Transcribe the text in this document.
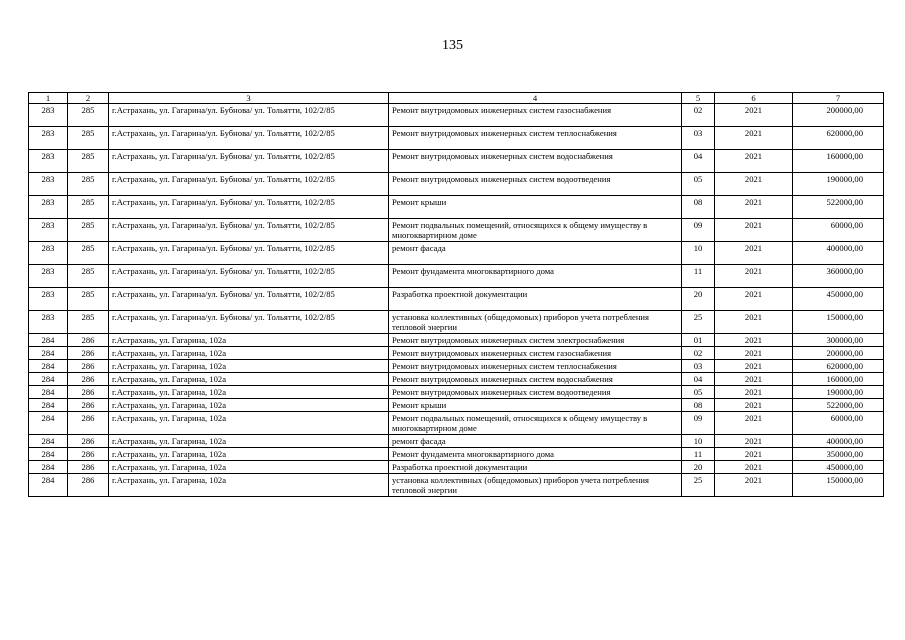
135
1	2	3	4	5	6	7
283	285	г.Астрахань, ул. Гагарина/ул. Бубнова/ ул. Тольятти, 102/2/85	Ремонт внутридомовых инженерных систем газоснабжения	02	2021	200000,00
283	285	г.Астрахань, ул. Гагарина/ул. Бубнова/ ул. Тольятти, 102/2/85	Ремонт внутридомовых инженерных систем теплоснабжения	03	2021	620000,00
283	285	г.Астрахань, ул. Гагарина/ул. Бубнова/ ул. Тольятти, 102/2/85	Ремонт внутридомовых инженерных систем водоснабжения	04	2021	160000,00
283	285	г.Астрахань, ул. Гагарина/ул. Бубнова/ ул. Тольятти, 102/2/85	Ремонт внутридомовых инженерных систем водоотведения	05	2021	190000,00
283	285	г.Астрахань, ул. Гагарина/ул. Бубнова/ ул. Тольятти, 102/2/85	Ремонт крыши	08	2021	522000,00
283	285	г.Астрахань, ул. Гагарина/ул. Бубнова/ ул. Тольятти, 102/2/85	Ремонт подвальных помещений, относящихся к общему имуществу в многоквартирном доме	09	2021	60000,00
283	285	г.Астрахань, ул. Гагарина/ул. Бубнова/ ул. Тольятти, 102/2/85	ремонт фасада	10	2021	400000,00
283	285	г.Астрахань, ул. Гагарина/ул. Бубнова/ ул. Тольятти, 102/2/85	Ремонт фундамента многоквартирного дома	11	2021	360000,00
283	285	г.Астрахань, ул. Гагарина/ул. Бубнова/ ул. Тольятти, 102/2/85	Разработка проектной документации	20	2021	450000,00
283	285	г.Астрахань, ул. Гагарина/ул. Бубнова/ ул. Тольятти, 102/2/85	установка коллективных (общедомовых) приборов учета потребления тепловой энергии	25	2021	150000,00
284	286	г.Астрахань, ул. Гагарина, 102а	Ремонт внутридомовых инженерных систем электроснабжения	01	2021	300000,00
284	286	г.Астрахань, ул. Гагарина, 102а	Ремонт внутридомовых инженерных систем газоснабжения	02	2021	200000,00
284	286	г.Астрахань, ул. Гагарина, 102а	Ремонт внутридомовых инженерных систем теплоснабжения	03	2021	620000,00
284	286	г.Астрахань, ул. Гагарина, 102а	Ремонт внутридомовых инженерных систем водоснабжения	04	2021	160000,00
284	286	г.Астрахань, ул. Гагарина, 102а	Ремонт внутридомовых инженерных систем водоотведения	05	2021	190000,00
284	286	г.Астрахань, ул. Гагарина, 102а	Ремонт крыши	08	2021	522000,00
284	286	г.Астрахань, ул. Гагарина, 102а	Ремонт подвальных помещений, относящихся к общему имуществу в многоквартирном доме	09	2021	60000,00
284	286	г.Астрахань, ул. Гагарина, 102а	ремонт фасада	10	2021	400000,00
284	286	г.Астрахань, ул. Гагарина, 102а	Ремонт фундамента многоквартирного дома	11	2021	350000,00
284	286	г.Астрахань, ул. Гагарина, 102а	Разработка проектной документации	20	2021	450000,00
284	286	г.Астрахань, ул. Гагарина, 102а	установка коллективных (общедомовых) приборов учета потребления тепловой энергии	25	2021	150000,00
